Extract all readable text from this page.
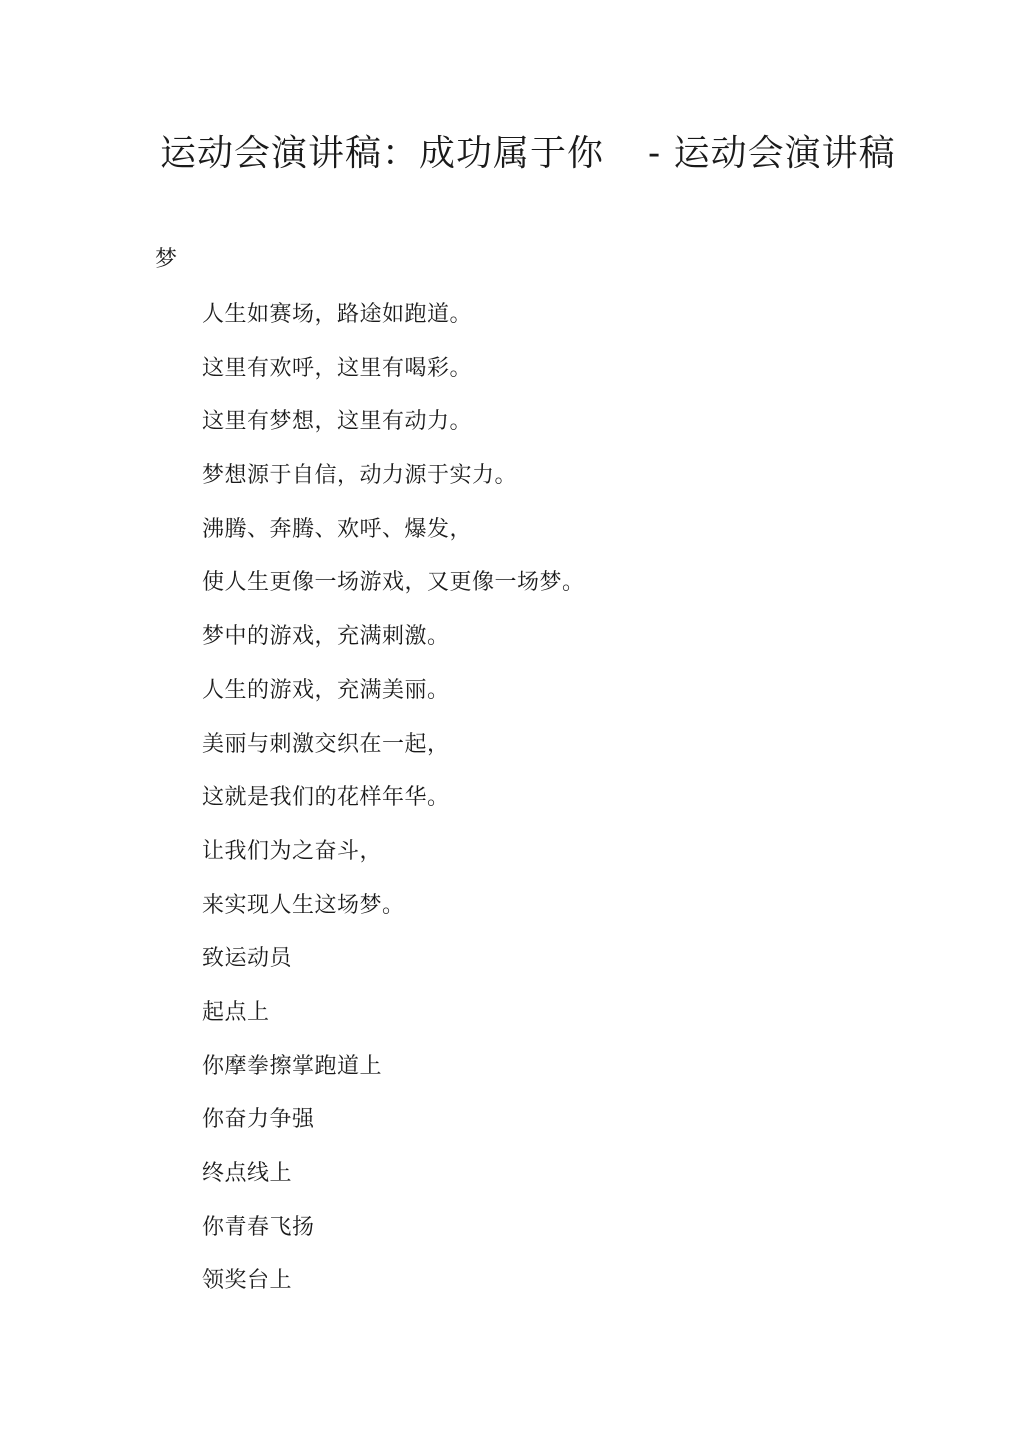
运动会演讲稿：成功属于你 - 运动会演讲稿

梦

人生如赛场，路途如跑道。
这里有欢呼，这里有喝彩。
这里有梦想，这里有动力。
梦想源于自信，动力源于实力。
沸腾、奔腾、欢呼、爆发，
使人生更像一场游戏，又更像一场梦。
梦中的游戏，充满刺激。
人生的游戏，充满美丽。
美丽与刺激交织在一起，
这就是我们的花样年华。
让我们为之奋斗，
来实现人生这场梦。
致运动员
起点上
你摩拳擦掌跑道上
你奋力争强
终点线上
你青春飞扬
领奖台上
